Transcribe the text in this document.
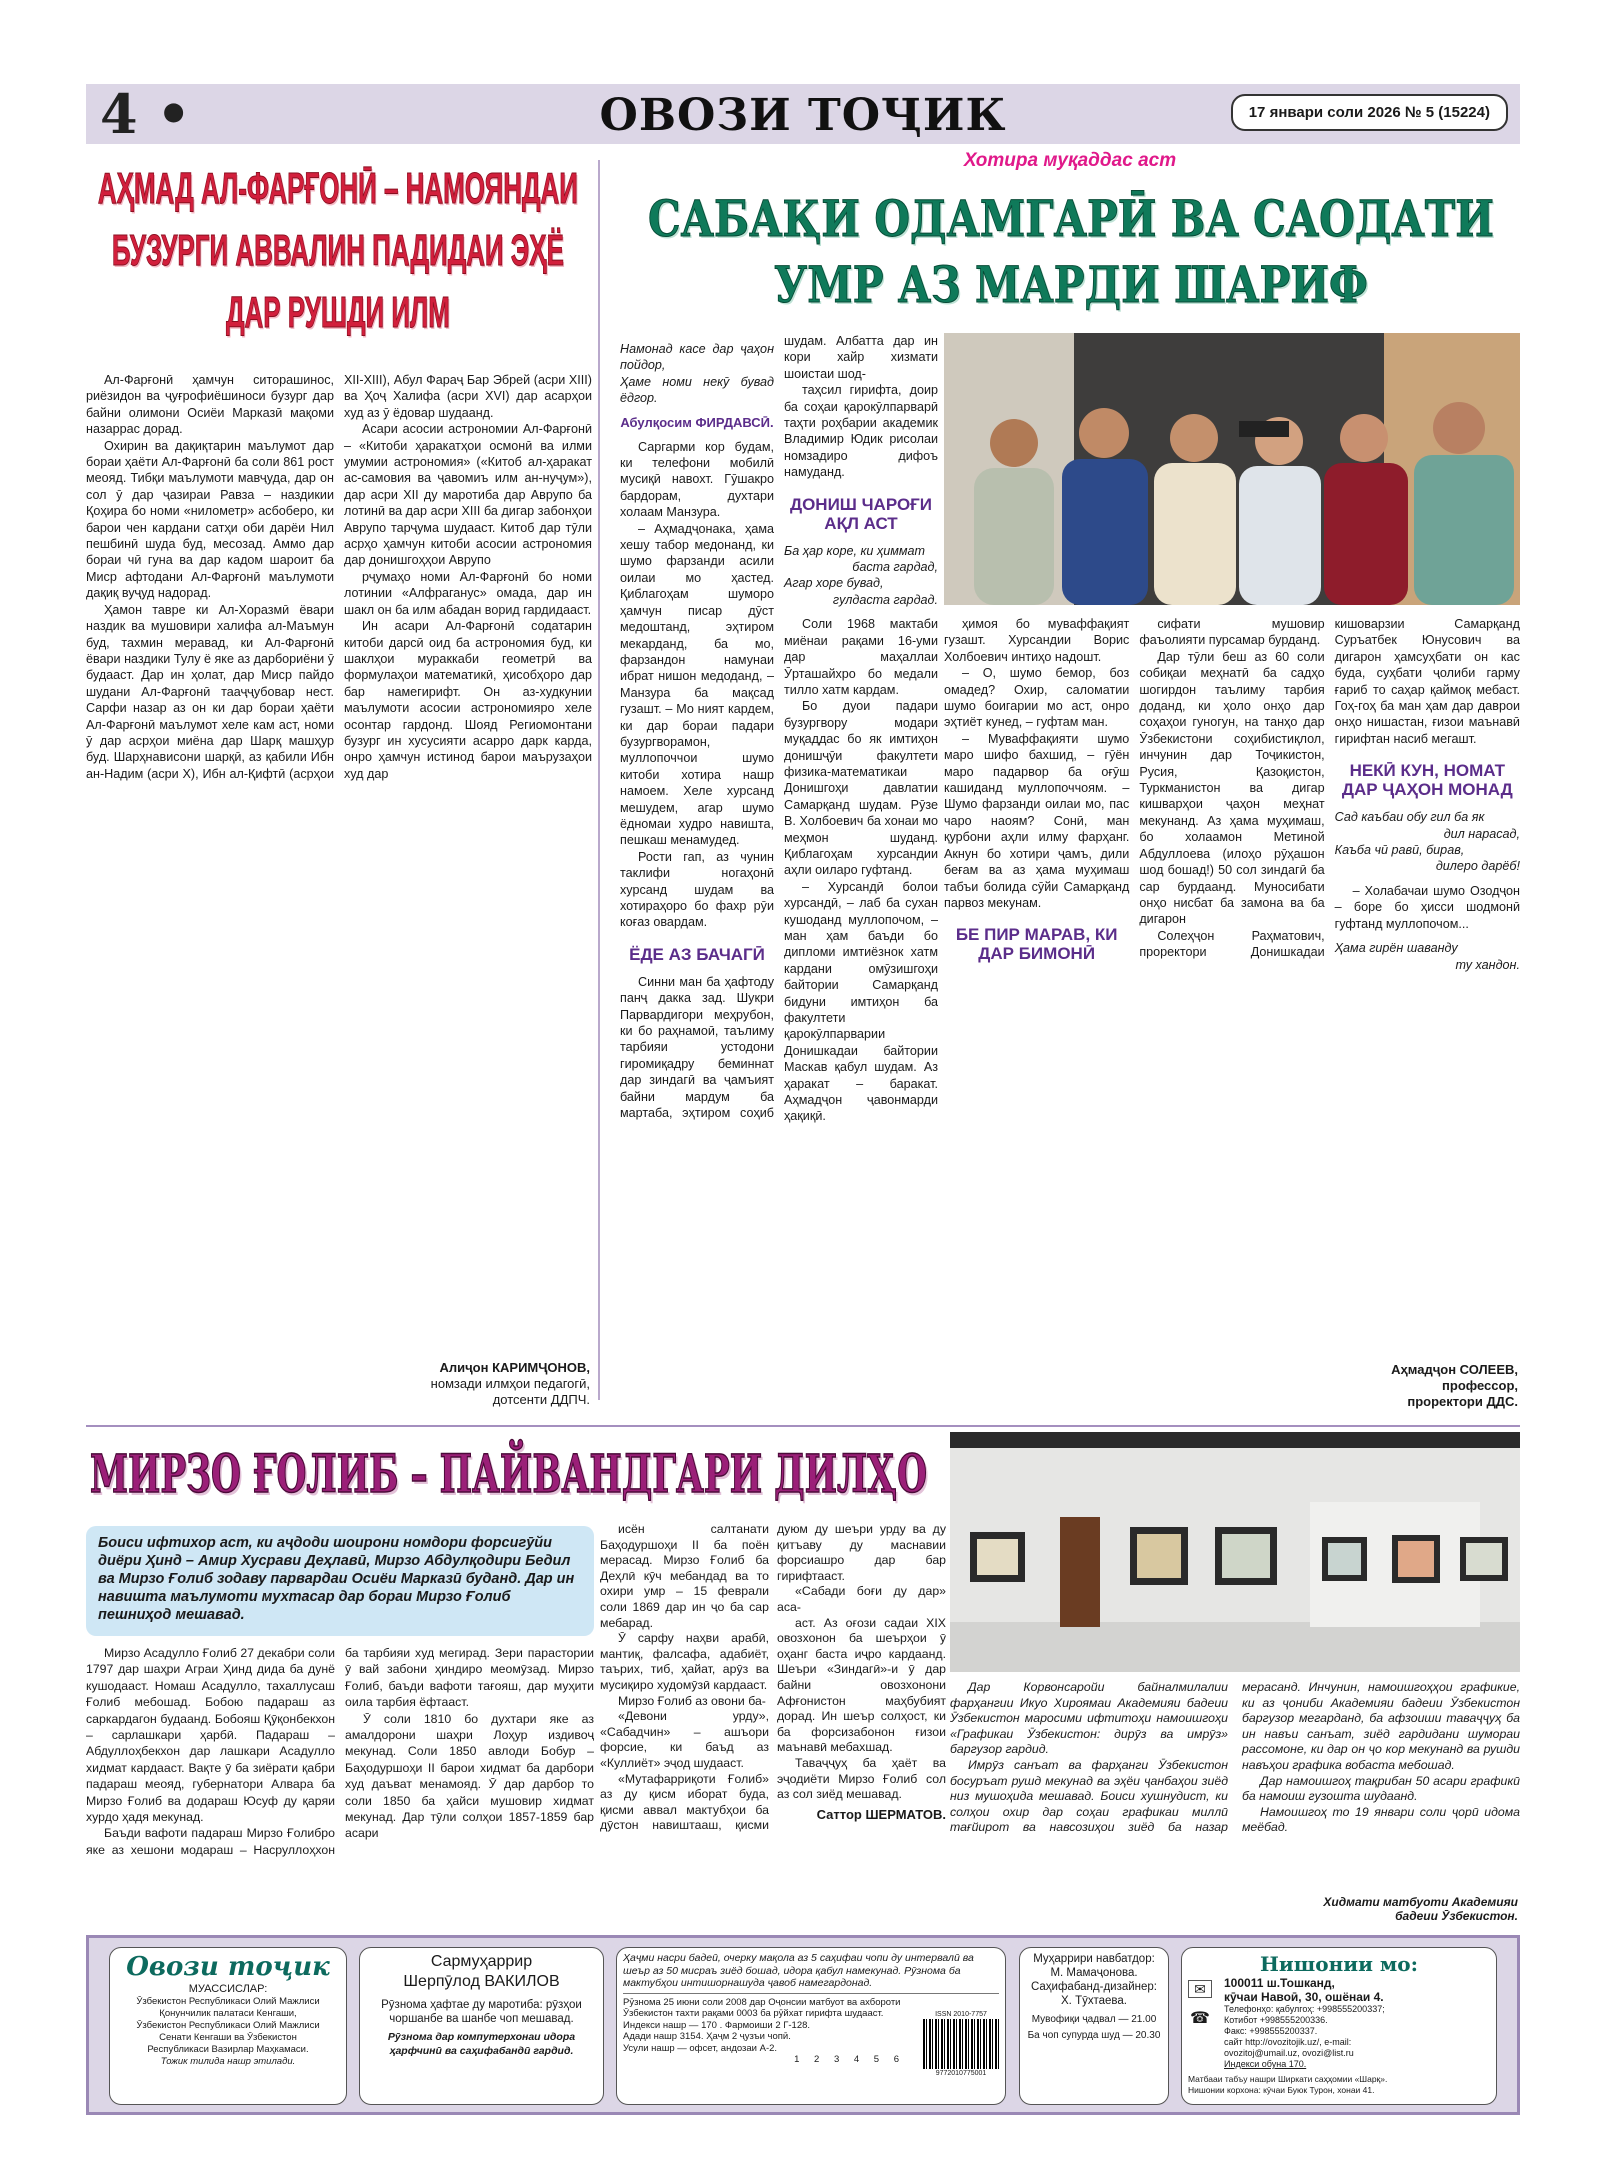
4 •	ОВОЗИ ТОҶИК	17 январи соли 2026 № 5 (15224)
АҲМАД АЛ-ФАРҒОНӢ – НАМОЯНДАИ БУЗУРГИ АВВАЛИН ПАДИДАИ ЭҲЁ ДАР РУШДИ ИЛМ

Ал-Фарғонӣ ҳамчун ситорашинос, риёзидон ва ҷуғрофиёшиноси бузург дар байни олимони Осиёи Марказӣ мақоми назаррас дорад.

Охирин ва дақиқтарин маълумот дар бораи ҳаёти Ал-Фарғонӣ ба соли 861 рост меояд. Тибқи маълумоти мавҷуда, дар он сол ӯ дар ҷазираи Равза – наздикии Қоҳира бо номи «нилометр» асбоберо, ки барои чен кардани сатҳи оби дарёи Нил пешбинӣ шуда буд, месозад. Аммо дар бораи чӣ гуна ва дар кадом шароит ба Миср афтодани Ал-Фарғонӣ маълумоти дақиқ вуҷуд надорад.

Ҳамон тавре ки Ал-Хоразмӣ ёвари наздик ва мушовири халифа ал-Маъмун буд, тахмин меравад, ки Ал-Фарғонӣ ёвари наздики Тулу ё яке аз дарбориёни ӯ будааст. Дар ин ҳолат, дар Миср пайдо шудани Ал-Фарғонӣ тааҷҷубовар нест. Сарфи назар аз он ки дар бораи ҳаёти Ал-Фарғонӣ маълумот хеле кам аст, номи ӯ дар асрҳои миёна дар Шарқ машҳур буд. Шарҳнависони шарқӣ, аз қабили Ибн ан-Надим (асри X), Ибн ал-Қифтӣ (асрҳои XII-XIII), Абул Фараҷ Бар Эбрей (асри XIII) ва Ҳоҷ Халифа (асри XVI) дар асарҳои худ аз ӯ ёдовар шудаанд.

Асари асосии астрономии Ал-Фарғонӣ – «Китоби ҳаракатҳои осмонӣ ва илми умумии астрономия» («Китоб ал-ҳаракат ас-самовия ва ҷавомиъ илм ан-нуҷум»), дар асри XII ду маротиба дар Аврупо ба лотинӣ ва дар асри XIII ба дигар забонҳои Аврупо тарҷума шудааст. Китоб дар тӯли асрҳо ҳамчун китоби асосии астрономия дар донишгоҳҳои Аврупо

рҷумаҳо номи Ал-Фарғонӣ бо номи лотинии «Алфраганус» омада, дар ин шакл он ба илм абадан ворид гардидааст.

Ин асари Ал-Фарғонӣ содатарин китоби дарсӣ оид ба астрономия буд, ки шаклҳои мураккаби геометрӣ ва формулаҳои математикӣ, ҳисобҳоро дар бар намегирифт. Он аз-худкунии маълумоти асосии астрономияро хеле осонтар гардонд. Шояд Региомонтани бузург ин хусусияти асарро дарк карда, онро ҳамчун истинод барои маърузаҳои худ дар

Алиҷон КАРИМҶОНОВ,
номзади илмҳои педагогӣ,
дотсенти ДДПЧ.
Хотира муқаддас аст
САБАҚИ ОДАМГАРӢ ВА САОДАТИ УМР АЗ МАРДИ ШАРИФ
Намонад касе дар ҷаҳон пойдор,
Ҳаме номи некӯ бувад ёдгор.
Абулқосим ФИРДАВСӢ.

Саргарми кор будам, ки телефони мобилӣ мусиқӣ навохт. Гӯшакро бардорам, духтари холаам Манзура.

– Аҳмадҷонака, ҳама хешу табор медонанд, ки шумо фарзанди асили оилаи мо ҳастед. Қиблагоҳам шуморо ҳамчун писар дӯст медоштанд, эҳтиром мекарданд, ба мо, фарзандон намунаи ибрат нишон медоданд, – Манзура ба мақсад гузашт. – Мо ният кардем, ки дар бораи падари бузургворамон, муллопоччои шумо китоби хотира нашр намоем. Хеле хурсанд мешудем, агар шумо ёдномаи худро навишта, пешкаш менамудед.

Рости гап, аз чунин таклифи ногаҳонӣ хурсанд шудам ва хотираҳоро бо фахр рӯи коғаз овардам.

ЁДЕ АЗ БАЧАГӢ

Синни ман ба ҳафтоду панҷ дакка зад. Шукри Парвардигори меҳрубон, ки бо раҳнамоӣ, таълиму тарбияи устодони гиромиқадру беминнат дар зиндагӣ ва ҷамъият байни мардум ба мартаба, эҳтиром соҳиб шудам. Албатта дар ин кори хайр хизмати шоистаи шод-

таҳсил гирифта, доир ба соҳаи қарокӯлпарварӣ таҳти роҳбарии академик Владимир Юдик рисолаи номзадиро дифоъ намуданд.

ДОНИШ ЧАРОҒИ АҚЛ АСТ
Ба ҳар коре, ки ҳиммат
баста гардад,
Агар хоре бувад,
гулдаста гардад.

Соли 1968 мактаби миёнаи рақами 16-уми дар маҳаллаи Ӯрташайхро бо медали тилло хатм кардам.

Бо дуои падари бузургвору модари муқаддас бо як имтиҳон донишҷӯи факултети физика-математикаи Донишгоҳи давлатии Самарқанд шудам. Рӯзе В. Холбоевич ба хонаи мо меҳмон шуданд. Қиблагоҳам хурсандии аҳли оиларо гуфтанд.

– Хурсандӣ болои хурсандӣ, – лаб ба сухан кушоданд муллопочом, – ман ҳам баъди бо дипломи имтиёзнок хатм кардани омӯзишгоҳи байтории Самарқанд бидуни имтиҳон ба факултети қарокӯлпарварии Донишкадаи байтории Маскав қабул шудам. Аз ҳаракат – баракат. Аҳмадҷон ҷавонмарди ҳақиқӣ.

ҳимоя бо муваффақият гузашт. Хурсандии Ворис Холбоевич интиҳо надошт.

– О, шумо бемор, боз омадед? Охир, саломатии шумо боигарии мо аст, онро эҳтиёт кунед, – гуфтам ман.

– Муваффақияти шумо маро шифо бахшид, – гӯён маро падарвор ба оғӯш кашиданд муллопоччоям. – Шумо фарзанди оилаи мо, пас чаро наоям? Сонӣ, ман қурбони аҳли илму фарҳанг. Акнун бо хотири ҷамъ, дили беғам ва аз ҳама муҳимаш табъи болида сӯйи Самарқанд парвоз мекунам.

БЕ ПИР МАРАВ, КИ ДАР БИМОНӢ

сифати мушовир фаъолияти пурсамар бурданд.

Дар тӯли беш аз 60 соли собиқаи меҳнатӣ ба садҳо шогирдон таълиму тарбия доданд, ки ҳоло онҳо дар соҳаҳои гуногун, на танҳо дар Ӯзбекистони соҳибистиқлол, инчунин дар Тоҷикистон, Русия, Қазоқистон, Туркманистон ва дигар кишварҳои ҷаҳон меҳнат мекунанд. Аз ҳама муҳимаш, бо холаамон Метиной Абдуллоева (илоҳо рӯҳашон шод бошад!) 50 сол зиндагӣ ба сар бурдаанд. Муносибати онҳо нисбат ба замона ва ба дигарон

Солеҳҷон Раҳматович, проректори Донишкадаи кишоварзии Самарқанд Суръатбек Юнусович ва дигарон ҳамсуҳбати он кас буда, суҳбати ҷолиби гарму ғариб то саҳар қаймоқ мебаст. Гоҳ-гоҳ ба ман ҳам дар даврои онҳо нишастан, ғизои маънавӣ гирифтан насиб мегашт.

НЕКӢ КУН, НОМАТ ДАР ҶАҲОН МОНАД
Сад каъбаи обу гил ба як
дил нарасад,
Каъба чӣ равӣ, бирав,
дилеро дарёб!

– Холабачаи шумо Озодҷон – боре бо ҳисси шодмонӣ гуфтанд муллопочом...

Ҳама гирён шаванду
ту хандон.
Аҳмадҷон СОЛЕЕВ,
профессор,
проректори ДДС.
МИРЗО ҒОЛИБ – ПАЙВАНДГАРИ ДИЛҲО
Боиси ифтихор аст, ки аҷдоди шоирони номдори форсигӯйи диёри Ҳинд – Амир Хусрави Деҳлавӣ, Мирзо Абдулқодири Бедил ва Мирзо Ғолиб зодаву парвардаи Осиёи Марказӣ буданд. Дар ин навишта маълумоти мухтасар дар бораи Мирзо Ғолиб пешниҳод мешавад.

Мирзо Асадулло Ғолиб 27 декабри соли 1797 дар шаҳри Аграи Ҳинд дида ба дунё кушодааст. Номаш Асадулло, тахаллусаш Ғолиб мебошад. Бобою падараш аз саркардагон будаанд. Бобояш Қӯқонбекхон – сарлашкари ҳарбӣ. Падараш – Абдуллоҳбекхон дар лашкари Асадулло хидмат кардааст. Вақте ӯ ба зиёрати қабри падараш меояд, губернатори Алвара ба Мирзо Ғолиб ва додараш Юсуф ду қаряи хурдо ҳадя мекунад.

Баъди вафоти падараш Мирзо Ғолибро яке аз хешони модараш – Насруллоҳхон ба тарбияи худ мегирад. Зери парастории ӯ вай забони ҳиндиро меомӯзад. Мирзо Ғолиб, баъди вафоти тағояш, дар муҳити оила тарбия ёфтааст.

Ӯ соли 1810 бо духтари яке аз амалдорони шаҳри Лоҳур издивоҷ мекунад. Соли 1850 авлоди Бобур – Баҳодуршоҳи II барои хидмат ба дарбори худ даъват менамояд. Ӯ дар дарбор то соли 1850 ба ҳайси мушовир хидмат мекунад. Дар тӯли солҳои 1857-1859 бар асари

исён салтанати Баҳодуршоҳи II ба поён мерасад. Мирзо Ғолиб ба Деҳлӣ кӯч мебандад ва то охири умр – 15 феврали соли 1869 дар ин ҷо ба сар мебарад.

Ӯ сарфу наҳви арабӣ, мантиқ, фалсафа, адабиёт, таърих, тиб, ҳайат, арӯз ва мусиқиро худомӯзӣ кардааст.

Мирзо Ғолиб аз овони ба-

«Девони урду», «Сабадчин» – ашъори форсие, ки баъд аз «Куллиёт» эҷод шудааст.

«Мутафарриқоти Ғолиб» аз ду қисм иборат буда, қисми аввал мактубҳои ба дӯстон навиштааш, қисми дуюм ду шеъри урду ва ду қитъаву ду маснавии форсиашро дар бар гирифтааст.

«Сабади боғи ду дар» аса-

аст. Аз оғози садаи XIX овозхонон ба шеърҳои ӯ оҳанг баста иҷро кардаанд. Шеъри «Зиндагӣ»-и ӯ дар байни овозхонони Афғонистон маҳбубият дорад. Ин шеър солҳост, ки ба форсизабонон ғизои маънавӣ мебахшад.

Таваҷҷуҳ ба ҳаёт ва эҷодиёти Мирзо Ғолиб сол аз сол зиёд мешавад.

Саттор ШЕРМАТОВ.

Дар Корвонсаройи байналмилалии фарҳангии Икуо Хироямаи Академияи бадеии Ӯзбекистон маросими ифтитоҳи намоишгоҳи «Графикаи Ӯзбекистон: дирӯз ва имрӯз» баргузор гардид.

Имрӯз санъат ва фарҳанги Ӯзбекистон босуръат рушд мекунад ва эҳёи ҷанбаҳои зиёд низ мушоҳида мешавад. Боиси хушнудист, ки солҳои охир дар соҳаи графикаи миллӣ тағйирот ва навсозиҳои зиёд ба назар мерасанд. Инчунин, намоишгоҳҳои графикие, ки аз ҷониби Академияи бадеии Ӯзбекистон баргузор мегарданд, ба афзоиши таваҷҷуҳ ба ин навъи санъат, зиёд гардидани шумораи рассомоне, ки дар он ҷо кор мекунанд ва рушди навъҳои графика вобаста мебошад.

Дар намоишгоҳ тақрибан 50 асари графикӣ ба намоиш гузошта шудаанд.

Намоишгоҳ то 19 январи соли ҷорӣ идома меёбад.

Хидмати матбуоти Академияи
бадеии Ӯзбекистон.
Овози тоҷик
МУАССИСЛАР:
Ӯзбекистон Республикаси Олий Мажлиси
Қонунчилик палатаси Кенгаши,
Ӯзбекистон Республикаси Олий Мажлиси
Сенати Кенгаши ва Ӯзбекистон
Республикаси Вазирлар Маҳкамаси.
Тожик тилида нашр этилади.
Сармуҳаррир
Шерпӯлод ВАКИЛОВ
Рӯзнома ҳафтае ду маротиба: рӯзҳои чоршанбе ва шанбе чоп мешавад.
Рӯзнома дар компутерхонаи идора ҳарфчинӣ ва саҳифабандӣ гардид.
Ҳаҷми насри бадеӣ, очерку мақола аз 5 саҳифаи чопи ду интервалӣ ва шеър аз 50 мисраъ зиёд бошад, идора қабул намекунад. Рӯзнома ба мактубҳои интишорнашуда ҷавоб намегардонад.
Рӯзнома 25 июни соли 2008 дар Оҷонсии матбуот ва ахбороти
Ӯзбекистон тахти рақами 0003 ба рӯйхат гирифта шудааст.
Индекси нашр — 170 . Фармоиши 2 Г-128.
Адади нашр 3154. Ҳаҷм 2 ҷузъи чопӣ.
Усули нашр — офсет, андозаи А-2.
1 2 3 4 5 6
ISSN 2010-7757
9772010775001
Муҳаррири навбатдор:
М. Мамаҷонова.
Саҳифабанд-дизайнер:
Х. Тӯхтаева.
Мувофиқи ҷадвал — 21.00
Ба чоп супурда шуд — 20.30
Нишонии мо:
✉
☎
100011 ш.Тошканд,
кӯчаи Навоӣ, 30, ошёнаи 4.
Телефонҳо: қабулгоҳ: +998555200337;
Котибот +998555200336.
Факс: +998555200337.
сайт http://ovozitojik.uz/, e-mail:
ovozitoj@umail.uz, ovozi@list.ru
Индекси обуна 170.
Матбааи табъу нашри Ширкати саҳҳомии «Шарқ».
Нишонии корхона: кӯчаи Буюк Турон, хонаи 41.
